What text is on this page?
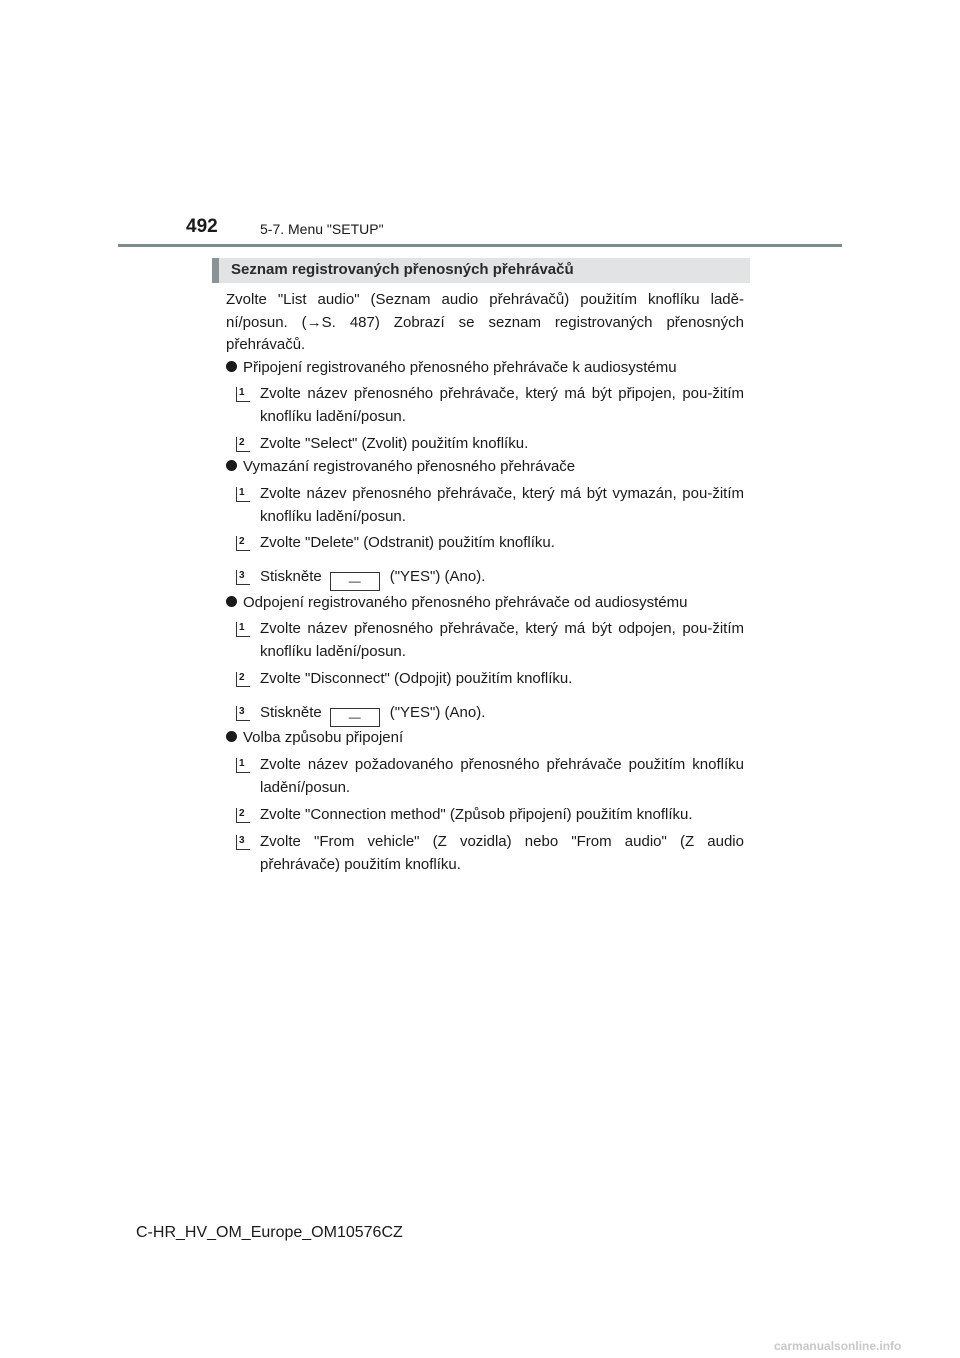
492	5-7. Menu "SETUP"
Seznam registrovaných přenosných přehrávačů
Zvolte "List audio" (Seznam audio přehrávačů) použitím knoflíku ladě-ní/posun. (→S. 487) Zobrazí se seznam registrovaných přenosných přehrávačů.
Připojení registrovaného přenosného přehrávače k audiosystému
1	Zvolte název přenosného přehrávače, který má být připojen, pou-žitím knoflíku ladění/posun.
2	Zvolte "Select" (Zvolit) použitím knoflíku.
Vymazání registrovaného přenosného přehrávače
1	Zvolte název přenosného přehrávače, který má být vymazán, pou-žitím knoflíku ladění/posun.
2	Zvolte "Delete" (Odstranit) použitím knoflíku.
3	Stiskněte — ("YES") (Ano).
Odpojení registrovaného přenosného přehrávače od audiosystému
1	Zvolte název přenosného přehrávače, který má být odpojen, pou-žitím knoflíku ladění/posun.
2	Zvolte "Disconnect" (Odpojit) použitím knoflíku.
3	Stiskněte — ("YES") (Ano).
Volba způsobu připojení
1	Zvolte název požadovaného přenosného přehrávače použitím knoflíku ladění/posun.
2	Zvolte "Connection method" (Způsob připojení) použitím knoflíku.
3	Zvolte "From vehicle" (Z vozidla) nebo "From audio" (Z audio přehrávače) použitím knoflíku.
C-HR_HV_OM_Europe_OM10576CZ
carmanualsonline.info
